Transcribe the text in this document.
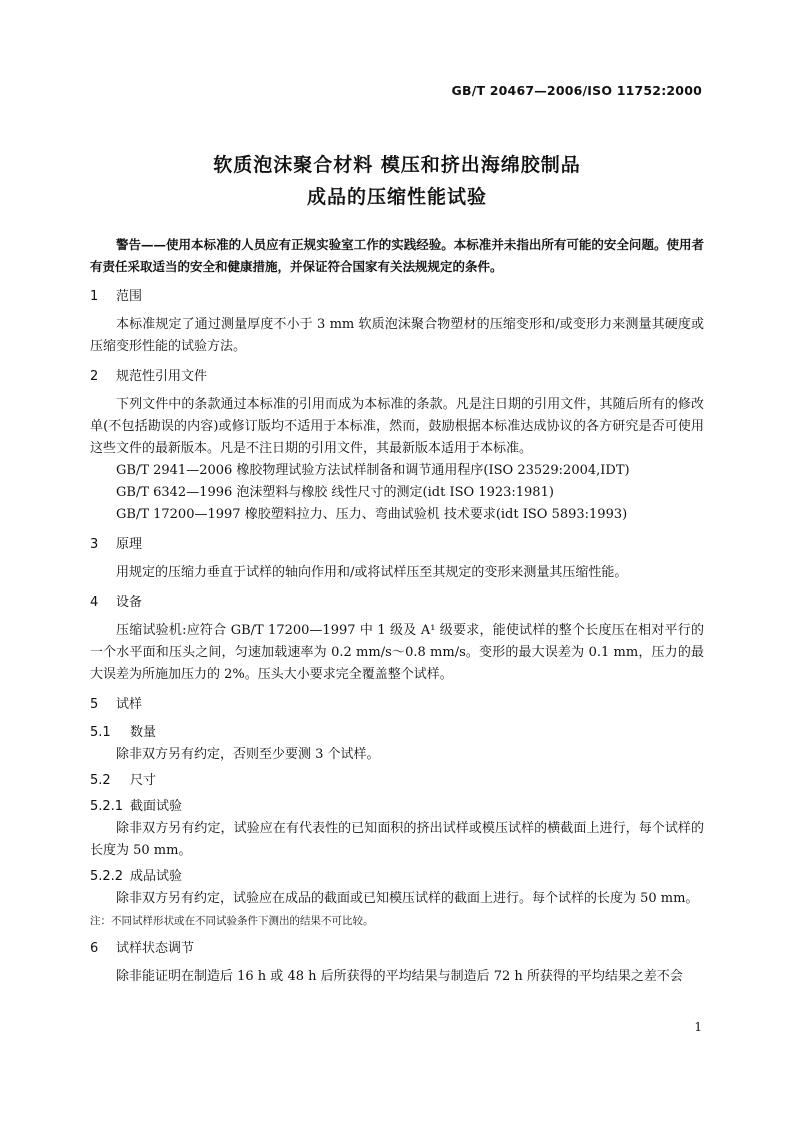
GB/T 20467—2006/ISO 11752:2000
软质泡沫聚合材料 模压和挤出海绵胶制品
成品的压缩性能试验

警告——使用本标准的人员应有正规实验室工作的实践经验。本标准并未指出所有可能的安全问题。使用者有责任采取适当的安全和健康措施，并保证符合国家有关法规规定的条件。

1 范围

本标准规定了通过测量厚度不小于 3 mm 软质泡沫聚合物塑材的压缩变形和/或变形力来测量其硬度或压缩变形性能的试验方法。

2 规范性引用文件

下列文件中的条款通过本标准的引用而成为本标准的条款。凡是注日期的引用文件，其随后所有的修改单(不包括勘误的内容)或修订版均不适用于本标准，然而，鼓励根据本标准达成协议的各方研究是否可使用这些文件的最新版本。凡是不注日期的引用文件，其最新版本适用于本标准。

GB/T 2941—2006 橡胶物理试验方法试样制备和调节通用程序(ISO 23529:2004,IDT)

GB/T 6342—1996 泡沫塑料与橡胶 线性尺寸的测定(idt ISO 1923:1981)

GB/T 17200—1997 橡胶塑料拉力、压力、弯曲试验机 技术要求(idt ISO 5893:1993)

3 原理

用规定的压缩力垂直于试样的轴向作用和/或将试样压至其规定的变形来测量其压缩性能。

4 设备

压缩试验机:应符合 GB/T 17200—1997 中 1 级及 A¹ 级要求，能使试样的整个长度压在相对平行的一个水平面和压头之间，匀速加载速率为 0.2 mm/s～0.8 mm/s。变形的最大误差为 0.1 mm，压力的最大误差为所施加压力的 2%。压头大小要求完全覆盖整个试样。

5 试样
5.1 数量

除非双方另有约定，否则至少要测 3 个试样。

5.2 尺寸
5.2.1 截面试验

除非双方另有约定，试验应在有代表性的已知面积的挤出试样或模压试样的横截面上进行，每个试样的长度为 50 mm。

5.2.2 成品试验

除非双方另有约定，试验应在成品的截面或已知模压试样的截面上进行。每个试样的长度为 50 mm。

注：不同试样形状或在不同试验条件下测出的结果不可比较。

6 试样状态调节

除非能证明在制造后 16 h 或 48 h 后所获得的平均结果与制造后 72 h 所获得的平均结果之差不会

1
